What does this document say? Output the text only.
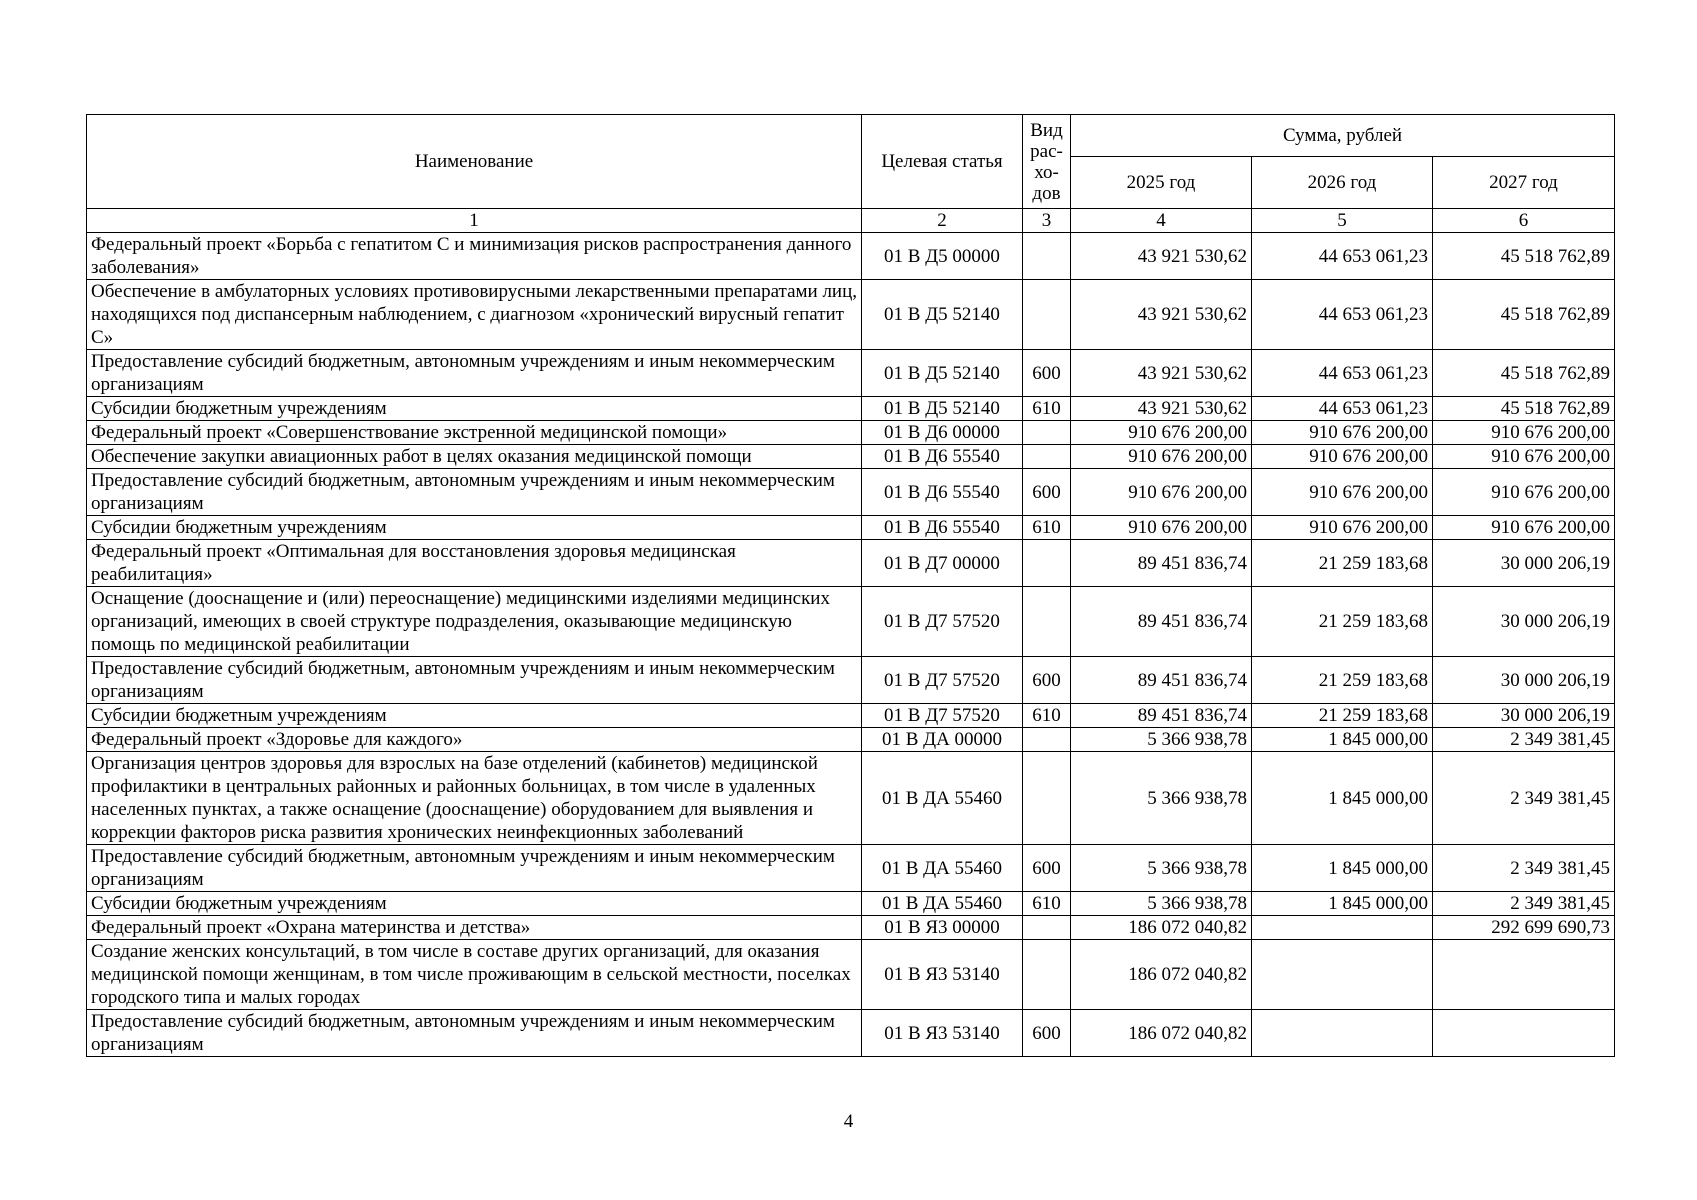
Наименование	Целевая статья	Вид рас- хо- дов	Сумма, рублей		
			2025 год	2026 год	2027 год
1	2	3	4	5	6
Федеральный проект «Борьба с гепатитом С и минимизация рисков распространения данного заболевания»	01 В Д5 00000		43 921 530,62	44 653 061,23	45 518 762,89
Обеспечение в амбулаторных условиях противовирусными лекарственными препаратами лиц, находящихся под диспансерным наблюдением, с диагнозом «хронический вирусный гепатит С»	01 В Д5 52140		43 921 530,62	44 653 061,23	45 518 762,89
Предоставление субсидий бюджетным, автономным учреждениям и иным некоммерческим организациям	01 В Д5 52140	600	43 921 530,62	44 653 061,23	45 518 762,89
Субсидии бюджетным учреждениям	01 В Д5 52140	610	43 921 530,62	44 653 061,23	45 518 762,89
Федеральный проект «Совершенствование экстренной медицинской помощи»	01 В Д6 00000		910 676 200,00	910 676 200,00	910 676 200,00
Обеспечение закупки авиационных работ в целях оказания медицинской помощи	01 В Д6 55540		910 676 200,00	910 676 200,00	910 676 200,00
Предоставление субсидий бюджетным, автономным учреждениям и иным некоммерческим организациям	01 В Д6 55540	600	910 676 200,00	910 676 200,00	910 676 200,00
Субсидии бюджетным учреждениям	01 В Д6 55540	610	910 676 200,00	910 676 200,00	910 676 200,00
Федеральный проект «Оптимальная для восстановления здоровья медицинская реабилитация»	01 В Д7 00000		89 451 836,74	21 259 183,68	30 000 206,19
Оснащение (дооснащение и (или) переоснащение) медицинскими изделиями медицинских организаций, имеющих в своей структуре подразделения, оказывающие медицинскую помощь по медицинской реабилитации	01 В Д7 57520		89 451 836,74	21 259 183,68	30 000 206,19
Предоставление субсидий бюджетным, автономным учреждениям и иным некоммерческим организациям	01 В Д7 57520	600	89 451 836,74	21 259 183,68	30 000 206,19
Субсидии бюджетным учреждениям	01 В Д7 57520	610	89 451 836,74	21 259 183,68	30 000 206,19
Федеральный проект «Здоровье для каждого»	01 В ДА 00000		5 366 938,78	1 845 000,00	2 349 381,45
Организация центров здоровья для взрослых на базе отделений (кабинетов) медицинской профилактики в центральных районных и районных больницах, в том числе в удаленных населенных пунктах, а также оснащение (дооснащение) оборудованием для выявления и коррекции факторов риска развития хронических неинфекционных заболеваний	01 В ДА 55460		5 366 938,78	1 845 000,00	2 349 381,45
Предоставление субсидий бюджетным, автономным учреждениям и иным некоммерческим организациям	01 В ДА 55460	600	5 366 938,78	1 845 000,00	2 349 381,45
Субсидии бюджетным учреждениям	01 В ДА 55460	610	5 366 938,78	1 845 000,00	2 349 381,45
Федеральный проект «Охрана материнства и детства»	01 В Я3 00000		186 072 040,82		292 699 690,73
Создание женских консультаций, в том числе в составе других организаций, для оказания медицинской помощи женщинам, в том числе проживающим в сельской местности, поселках городского типа и малых городах	01 В Я3 53140		186 072 040,82		
Предоставление субсидий бюджетным, автономным учреждениям и иным некоммерческим организациям	01 В Я3 53140	600	186 072 040,82		
4
